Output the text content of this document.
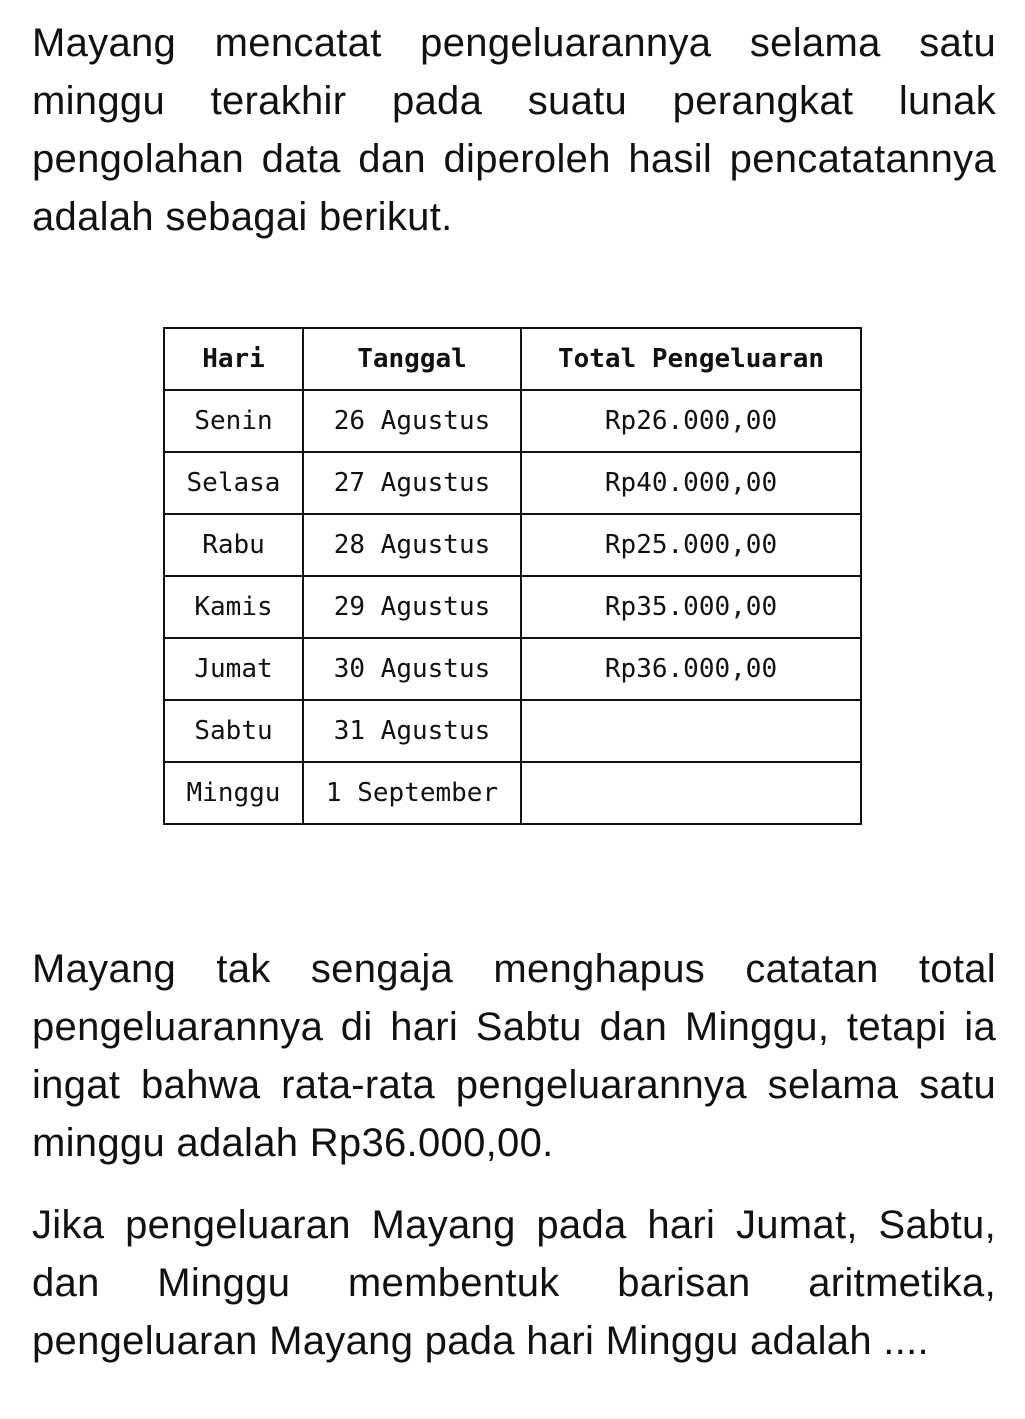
Mayang mencatat pengeluarannya selama satu minggu terakhir pada suatu perangkat lunak pengolahan data dan diperoleh hasil pencatatannya adalah sebagai berikut.

Hari	Tanggal	Total Pengeluaran
Senin	26 Agustus	Rp26.000,00
Selasa	27 Agustus	Rp40.000,00
Rabu	28 Agustus	Rp25.000,00
Kamis	29 Agustus	Rp35.000,00
Jumat	30 Agustus	Rp36.000,00
Sabtu	31 Agustus	
Minggu	1 September	

Mayang tak sengaja menghapus catatan total pengeluarannya di hari Sabtu dan Minggu, tetapi ia ingat bahwa rata-rata pengeluarannya selama satu minggu adalah Rp36.000,00.

Jika pengeluaran Mayang pada hari Jumat, Sabtu, dan Minggu membentuk barisan aritmetika, pengeluaran Mayang pada hari Minggu adalah ....
